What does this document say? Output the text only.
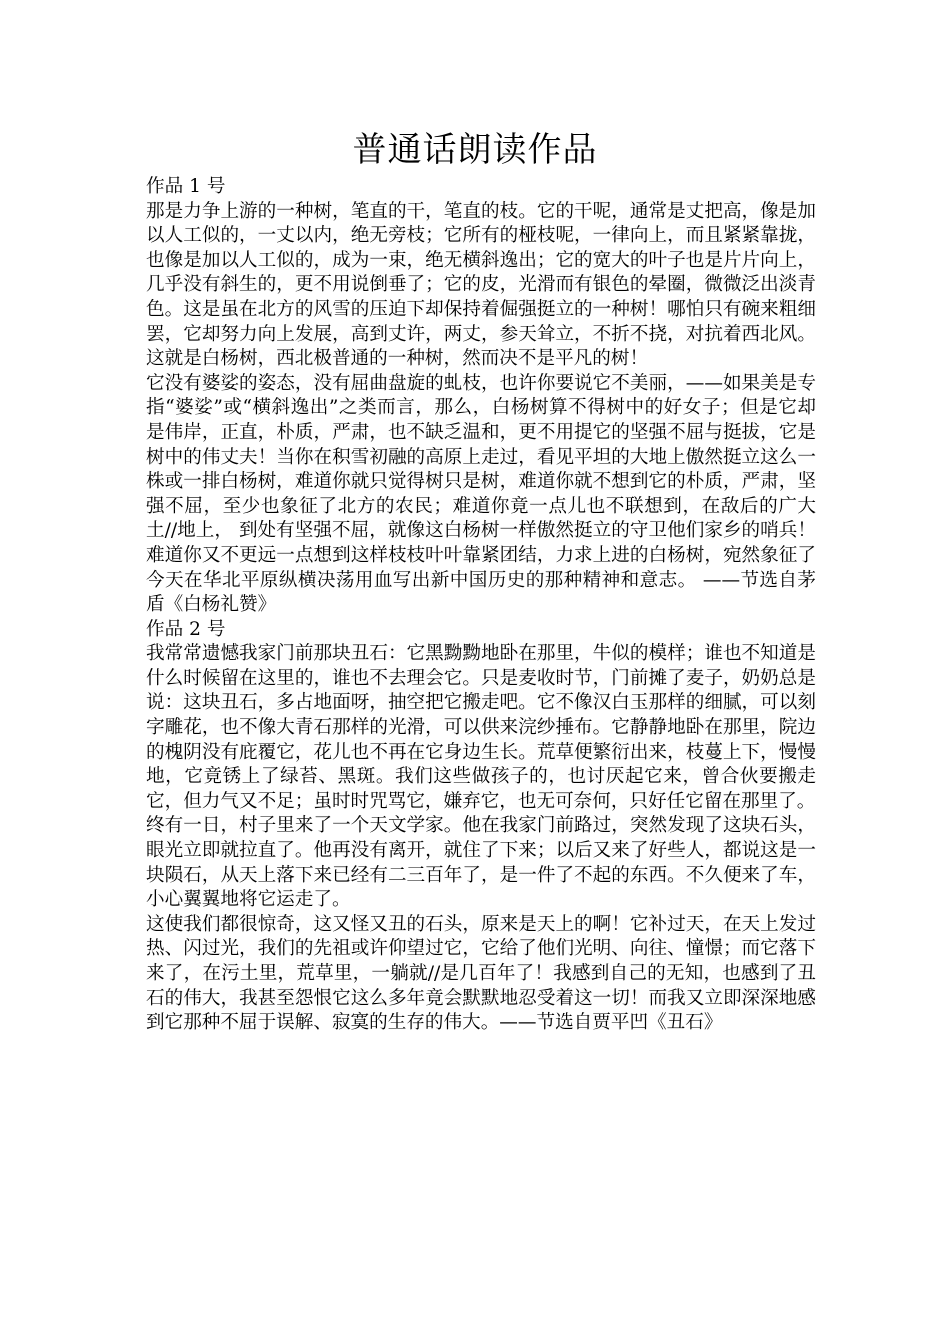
普通话朗读作品
作品 1 号

那是力争上游的一种树，笔直的干，笔直的枝。它的干呢，通常是丈把高，像是加以人工似的，一丈以内，绝无旁枝；它所有的桠枝呢，一律向上，而且紧紧靠拢，也像是加以人工似的，成为一束，绝无横斜逸出；它的宽大的叶子也是片片向上，几乎没有斜生的，更不用说倒垂了；它的皮，光滑而有银色的晕圈，微微泛出淡青色。这是虽在北方的风雪的压迫下却保持着倔强挺立的一种树！哪怕只有碗来粗细罢，它却努力向上发展，高到丈许，两丈，参天耸立，不折不挠，对抗着西北风。这就是白杨树，西北极普通的一种树，然而决不是平凡的树！

它没有婆娑的姿态，没有屈曲盘旋的虬枝，也许你要说它不美丽，——如果美是专指“婆娑”或“横斜逸出”之类而言，那么，白杨树算不得树中的好女子；但是它却是伟岸，正直，朴质，严肃，也不缺乏温和，更不用提它的坚强不屈与挺拔，它是树中的伟丈夫！当你在积雪初融的高原上走过，看见平坦的大地上傲然挺立这么一株或一排白杨树，难道你就只觉得树只是树，难道你就不想到它的朴质，严肃，坚强不屈，至少也象征了北方的农民；难道你竟一点儿也不联想到，在敌后的广大土//地上， 到处有坚强不屈，就像这白杨树一样傲然挺立的守卫他们家乡的哨兵！难道你又不更远一点想到这样枝枝叶叶靠紧团结，力求上进的白杨树，宛然象征了今天在华北平原纵横决荡用血写出新中国历史的那种精神和意志。 ——节选自茅盾《白杨礼赞》

作品 2 号

我常常遗憾我家门前那块丑石：它黑黝黝地卧在那里，牛似的模样；谁也不知道是什么时候留在这里的，谁也不去理会它。只是麦收时节，门前摊了麦子，奶奶总是说：这块丑石，多占地面呀，抽空把它搬走吧。它不像汉白玉那样的细腻，可以刻字雕花，也不像大青石那样的光滑，可以供来浣纱捶布。它静静地卧在那里，院边的槐阴没有庇覆它，花儿也不再在它身边生长。荒草便繁衍出来，枝蔓上下，慢慢地，它竟锈上了绿苔、黑斑。我们这些做孩子的，也讨厌起它来，曾合伙要搬走它，但力气又不足；虽时时咒骂它，嫌弃它，也无可奈何，只好任它留在那里了。

终有一日，村子里来了一个天文学家。他在我家门前路过，突然发现了这块石头，眼光立即就拉直了。他再没有离开，就住了下来；以后又来了好些人，都说这是一块陨石，从天上落下来已经有二三百年了，是一件了不起的东西。不久便来了车，小心翼翼地将它运走了。

这使我们都很惊奇，这又怪又丑的石头，原来是天上的啊！它补过天，在天上发过热、闪过光，我们的先祖或许仰望过它，它给了他们光明、向往、憧憬；而它落下来了，在污土里，荒草里，一躺就//是几百年了！我感到自己的无知，也感到了丑石的伟大，我甚至怨恨它这么多年竟会默默地忍受着这一切！而我又立即深深地感到它那种不屈于误解、寂寞的生存的伟大。——节选自贾平凹《丑石》
